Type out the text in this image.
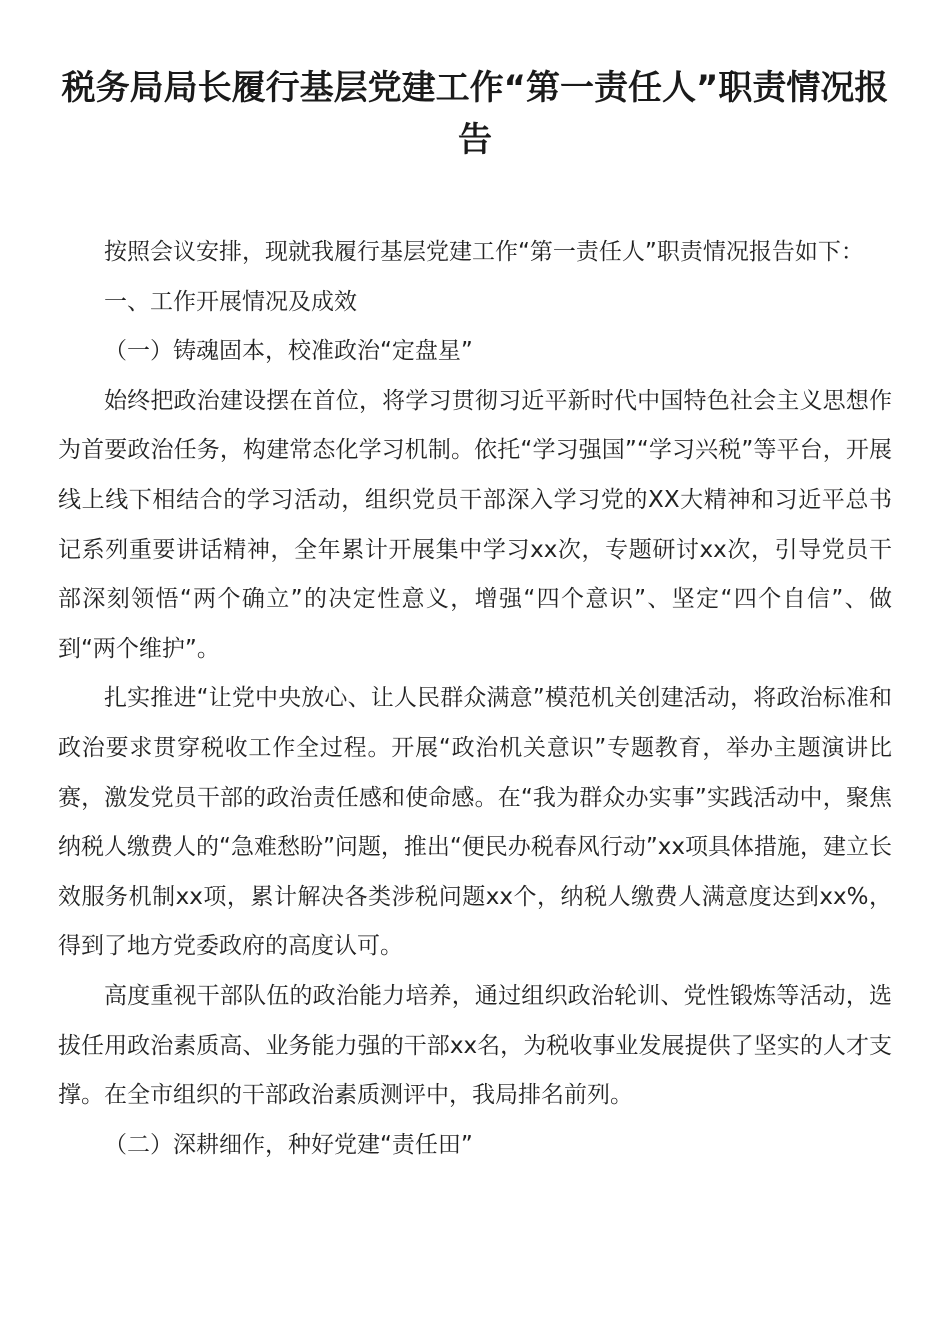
税务局局长履行基层党建工作“第一责任人”职责情况报告

按照会议安排，现就我履行基层党建工作“第一责任人”职责情况报告如下：

一、工作开展情况及成效

（一）铸魂固本，校准政治“定盘星”

始终把政治建设摆在首位，将学习贯彻习近平新时代中国特色社会主义思想作为首要政治任务，构建常态化学习机制。依托“学习强国”“学习兴税”等平台，开展线上线下相结合的学习活动，组织党员干部深入学习党的XX大精神和习近平总书记系列重要讲话精神，全年累计开展集中学习xx次，专题研讨xx次，引导党员干部深刻领悟“两个确立”的决定性意义，增强“四个意识”、坚定“四个自信”、做到“两个维护”。

扎实推进“让党中央放心、让人民群众满意”模范机关创建活动，将政治标准和政治要求贯穿税收工作全过程。开展“政治机关意识”专题教育，举办主题演讲比赛，激发党员干部的政治责任感和使命感。在“我为群众办实事”实践活动中，聚焦纳税人缴费人的“急难愁盼”问题，推出“便民办税春风行动”xx项具体措施，建立长效服务机制xx项，累计解决各类涉税问题xx个，纳税人缴费人满意度达到xx%，得到了地方党委政府的高度认可。

高度重视干部队伍的政治能力培养，通过组织政治轮训、党性锻炼等活动，选拔任用政治素质高、业务能力强的干部xx名，为税收事业发展提供了坚实的人才支撑。在全市组织的干部政治素质测评中，我局排名前列。

（二）深耕细作，种好党建“责任田”
